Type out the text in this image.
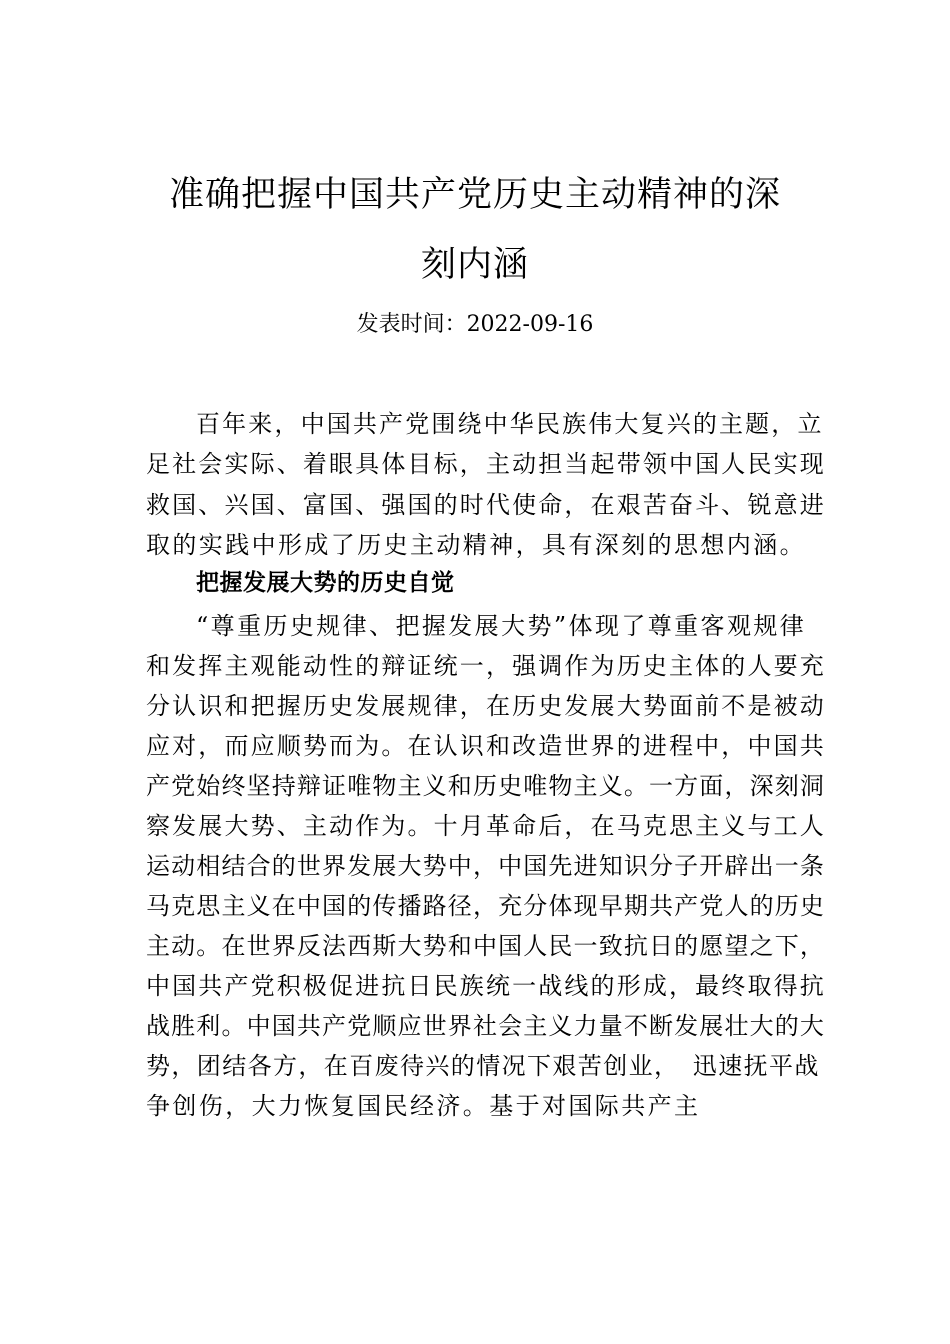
准确把握中国共产党历史主动精神的深
刻内涵
发表时间：2022-09-16
百年来，中国共产党围绕中华民族伟大复兴的主题，立
足社会实际、着眼具体目标，主动担当起带领中国人民实现
救国、兴国、富国、强国的时代使命，在艰苦奋斗、锐意进
取的实践中形成了历史主动精神，具有深刻的思想内涵。
把握发展大势的历史自觉
“尊重历史规律、把握发展大势”体现了尊重客观规律
和发挥主观能动性的辩证统一，强调作为历史主体的人要充
分认识和把握历史发展规律，在历史发展大势面前不是被动
应对，而应顺势而为。在认识和改造世界的进程中，中国共
产党始终坚持辩证唯物主义和历史唯物主义。一方面，深刻洞
察发展大势、主动作为。十月革命后，在马克思主义与工人
运动相结合的世界发展大势中，中国先进知识分子开辟出一条
马克思主义在中国的传播路径，充分体现早期共产党人的历史
主动。在世界反法西斯大势和中国人民一致抗日的愿望之下，
中国共产党积极促进抗日民族统一战线的形成，最终取得抗
战胜利。中国共产党顺应世界社会主义力量不断发展壮大的大
势，团结各方，在百废待兴的情况下艰苦创业，　迅速抚平战
争创伤，大力恢复国民经济。基于对国际共产主
